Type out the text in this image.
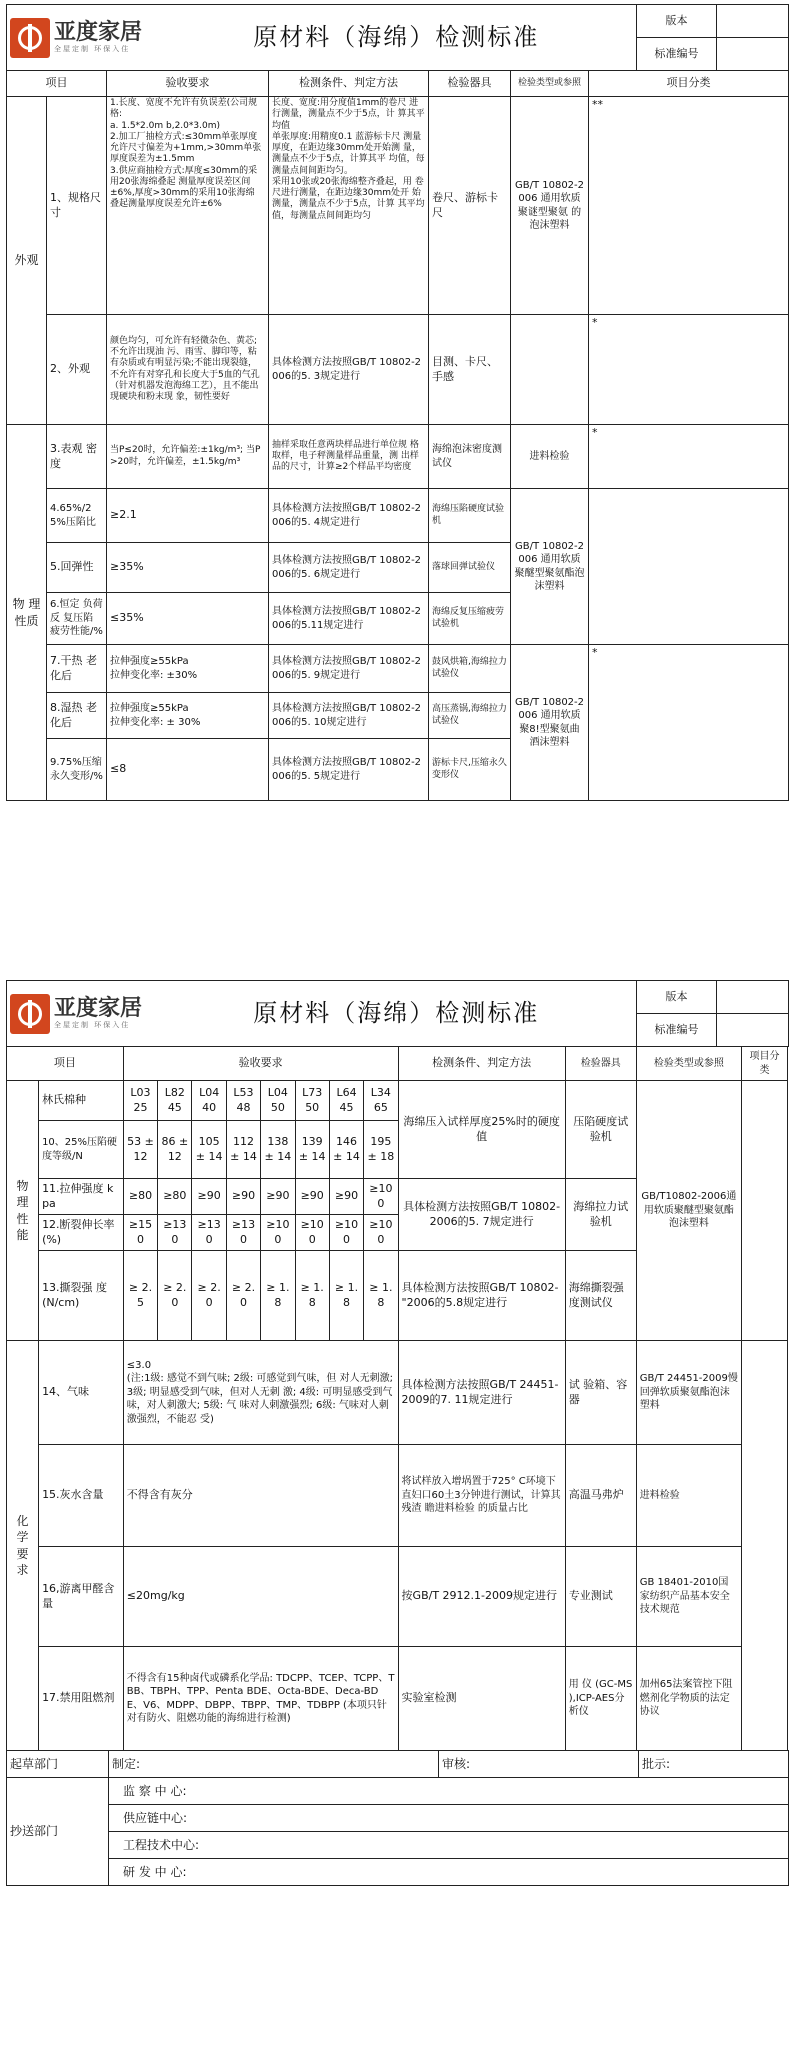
亚度家居
全屋定制 环保入住	原材料（海绵）检测标准	版本	
		标准编号	
项目		验收要求	检测条件、判定方法	检验器具	检验类型或参照	项目分类
外观	1、规格尺寸	1.长度、宽度不允许有负误差(公司规格:
a. 1.5*2.0m b,2.0*3.0m)
2.加工厂抽检方式:≤30mm单张厚度允许尺寸偏差为+1mm,>30mm单张厚度误差为±1.5mm
3.供应商抽检方式:厚度≤30mm的采用20张海绵叠起 测量厚度误差区间±6%,厚度>30mm的采用10张海绵 叠起测量厚度误差允许±6%	长度、宽度:用分度值1mm的卷尺 进行测量，测量点不少于5点，计 算其平均值
单张厚度:用精度0.1 蓝游标卡尺 测量厚度，在距边缘30mm处开始测 量，测量点不少于5点，计算其平 均值，每测量点间间距均匀。
采用10张或20张海绵整齐叠起，用 卷尺进行测量，在距边缘30mm处开 始测量，测量点不少于5点，计算 其平均值，每测量点间间距均匀	卷尺、游标卡尺	GB/T 10802-2006 通用软质聚谜型聚氨 的泡沫塑料	**
	2、外观	颜色均匀，可允许有轻微杂色、黄芯;不允许出现油 污、雨雪、脚印等，粘有杂质或有明显污染;不能出现裂缝，不允许有对穿孔和长度大于5血的气孔（针对机器发泡海绵工艺），且不能出现硬块和粉末现 象，韧性要好	具体检测方法按照GB/T 10802-2006的5. 3规定进行	目测、卡尺、手感		*
物 理性质	3.表观 密度	当P≤20时，允许偏差:±1kg/m³; 当P >20时，允许偏差，±1.5kg/m³	抽样采取任意两块样品进行单位规 格取样，电子秤测量样品重量，测 出样品的尺寸，计算≥2个样品平均密度	海绵泡沫密度测试仪	进料检验	*
	4.65%/25%压陷比	≥2.1	具体检测方法按照GB/T 10802-2006的5. 4规定进行	海绵压陷硬度试验机	GB/T 10802-2006 通用软质聚醚型聚氨酯泡沫塑料	
	5.回弹性	≥35%	具体检测方法按照GB/T 10802-2006的5. 6规定进行	落球回弹试验仪		
	6.恒定 负荷反 复压陷 疲劳性能/%	≤35%	具体检测方法按照GB/T 10802-2006的5.11规定进行	海绵反复压缩疲劳试验机		
	7.干热 老化后	拉伸强度≥55kPa
拉伸变化率: ±30%	具体检测方法按照GB/T 10802-2006的5. 9规定进行	鼓风烘箱,海绵拉力试验仪	GB/T 10802-2006 通用软质聚8!型聚氨曲 酒沫塑料	*
	8.湿热 老化后	拉伸强度≥55kPa
拉伸变化率: ± 30%	具体检测方法按照GB/T 10802-2006的5. 10规定进行	高压蒸锅,海绵拉力试验仪		
	9.75%压缩永久变形/%	≤8	具体检测方法按照GB/T 10802-2006的5. 5规定进行	游标卡尺,压缩永久变形仪		
亚度家居
全屋定制 环保入住	原材料（海绵）检测标准	版本	
		标准编号	
项目		验收要求								检测条件、判定方法	检验器具	检验类型或参照	项目分类
物 理 性 能	林氏棉种	L03 25	L82 45	L04 40	L53 48	L04 50	L73 50	L64 45	L34 65	海绵压入试样厚度25%时的硬度值	压陷硬度试验机	GB/T10802-2006通用软质聚醚型聚氨酯泡沫塑料	
	10、25%压陷硬度等级/N	53 ± 12	86 ± 12	105 ± 14	112 ± 14	138 ± 14	139 ± 14	146 ± 14	195 ± 18				
	11.拉伸强度 kpa	≥80	≥80	≥90	≥90	≥90	≥90	≥90	≥100	具体检测方法按照GB/T 10802- 2006的5. 7规定进行	海绵拉力试验机		
	12.断裂伸长率(%)	≥150	≥130	≥130	≥130	≥100	≥100	≥100	≥100				
	13.撕裂强 度 (N/cm)	≥ 2.5	≥ 2.0	≥ 2.0	≥ 2.0	≥ 1.8	≥ 1.8	≥ 1.8	≥ 1.8	具体检测方法按照GB/T 10802-"2006的5.8规定进行	海绵撕裂强度测试仪		
化 学 要 求	14、气味	≤3.0
(注:1级: 感觉不到气味; 2级: 可感觉到气味，但 对人无刺激; 3级; 明显感受到气味，但对人无刺 激; 4级: 可明显感受到气味，对人刺激大; 5级: 气 味对人刺激强烈; 6级: 气味对人刺激强烈，不能忍 受)								具体检测方法按照GB/T 24451-2009的7. 11规定进行	试 验箱、容器	GB/T 24451-2009慢回弹软质聚氨酯泡沫塑料	
	15.灰水含量	不得含有灰分								将试样放入增埚置于725° C环境下直妇口60土3分钟进行测试，计算其残渣 瞻进料检验 的质量占比	高温马弗炉	进料检验	
	16,游离甲醛含量	≤20mg/kg								按GB/T 2912.1-2009规定进行	专业测试	GB 18401-2010国家纺织产品基本安全技术规范	
	17.禁用阻燃剂	不得含有15种卤代或磷系化学品: TDCPP、TCEP、TCPP、TBB、TBPH、TPP、Penta BDE、Octa-BDE、Deca-BDE、V6、MDPP、DBPP、TBPP、TMP、TDBPP (本项只针对有防火、阻燃功能的海绵进行检测)								实验室检测	用 仪 (GC-MS ),ICP-AES分析仪	加州65法案管控下阻燃剂化学物质的法定协议	
起草部门	制定:	审核:	批示:
抄送部门	监 察 中 心:		
	供应链中心:		
	工程技术中心:		
	研 发 中 心:		
